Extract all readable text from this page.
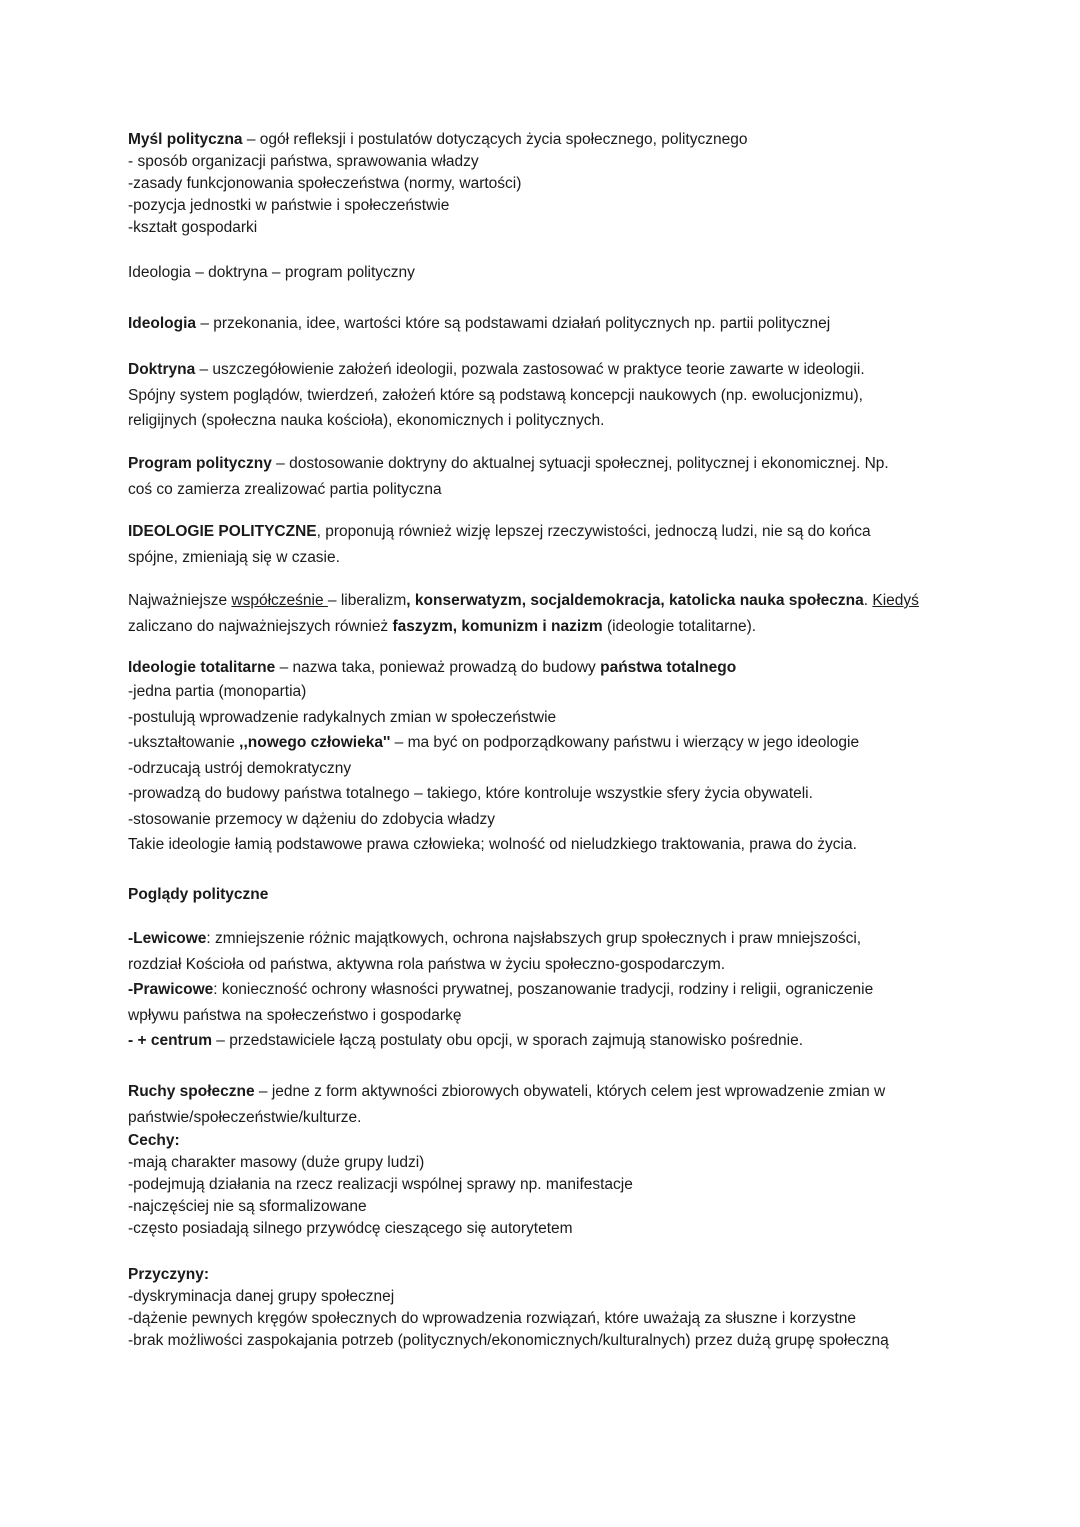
Myśl polityczna – ogół refleksji i postulatów dotyczących życia społecznego, politycznego
- sposób organizacji państwa, sprawowania władzy
-zasady funkcjonowania społeczeństwa (normy, wartości)
-pozycja jednostki w państwie i społeczeństwie
-kształt gospodarki
Ideologia – doktryna – program polityczny
Ideologia – przekonania, idee, wartości które są podstawami działań politycznych np. partii politycznej
Doktryna – uszczegółowienie założeń ideologii, pozwala zastosować w praktyce teorie zawarte w ideologii.
Spójny system poglądów, twierdzeń, założeń które są podstawą koncepcji naukowych (np. ewolucjonizmu),
religijnych (społeczna nauka kościoła), ekonomicznych i politycznych.
Program polityczny – dostosowanie doktryny do aktualnej sytuacji społecznej, politycznej i ekonomicznej. Np.
coś co zamierza zrealizować partia polityczna
IDEOLOGIE POLITYCZNE, proponują również wizję lepszej rzeczywistości, jednoczą ludzi, nie są do końca
spójne, zmieniają się w czasie.
Najważniejsze współcześnie – liberalizm, konserwatyzm, socjaldemokracja, katolicka nauka społeczna. Kiedyś
zaliczano do najważniejszych również faszyzm, komunizm i nazizm (ideologie totalitarne).
Ideologie totalitarne – nazwa taka, ponieważ prowadzą do budowy państwa totalnego
-jedna partia (monopartia)
-postulują wprowadzenie radykalnych zmian w społeczeństwie
-ukształtowanie ,,nowego człowieka'' – ma być on podporządkowany państwu i wierzący w jego ideologie
-odrzucają ustrój demokratyczny
-prowadzą do budowy państwa totalnego – takiego, które kontroluje wszystkie sfery życia obywateli.
-stosowanie przemocy w dążeniu do zdobycia władzy
Takie ideologie łamią podstawowe prawa człowieka; wolność od nieludzkiego traktowania, prawa do życia.
Poglądy polityczne
-Lewicowe: zmniejszenie różnic majątkowych, ochrona najsłabszych grup społecznych i praw mniejszości,
rozdział Kościoła od państwa, aktywna rola państwa w życiu społeczno-gospodarczym.
-Prawicowe: konieczność ochrony własności prywatnej, poszanowanie tradycji, rodziny i religii, ograniczenie
wpływu państwa na społeczeństwo i gospodarkę
- + centrum – przedstawiciele łączą postulaty obu opcji, w sporach zajmują stanowisko pośrednie.
Ruchy społeczne – jedne z form aktywności zbiorowych obywateli, których celem jest wprowadzenie zmian w
państwie/społeczeństwie/kulturze.
Cechy:
-mają charakter masowy (duże grupy ludzi)
-podejmują działania na rzecz realizacji wspólnej sprawy np. manifestacje
-najczęściej nie są sformalizowane
-często posiadają silnego przywódcę cieszącego się autorytetem
Przyczyny:
-dyskryminacja danej grupy społecznej
-dążenie pewnych kręgów społecznych do wprowadzenia rozwiązań, które uważają za słuszne i korzystne
-brak możliwości zaspokajania potrzeb (politycznych/ekonomicznych/kulturalnych) przez dużą grupę społeczną
